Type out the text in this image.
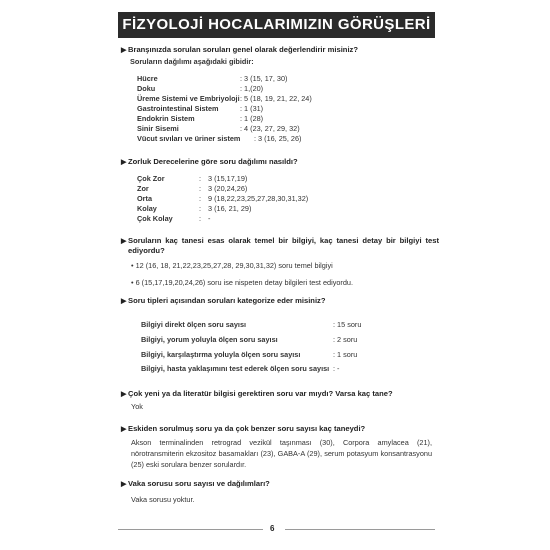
FİZYOLOJİ HOCALARIMIZIN GÖRÜŞLERİ
▶ Branşınızda sorulan soruları genel olarak değerlendirir misiniz?
Soruların dağılımı aşağıdaki gibidir:
Hücre	: 3 (15, 17, 30)
Doku	: 1,(20)
Üreme Sistemi ve Embriyoloji : 5 (18, 19, 21, 22, 24)
Gastrointestinal Sistem	: 1 (31)
Endokrin Sistem	: 1 (28)
Sinir Sisemi	: 4 (23, 27, 29, 32)
Vücut sıvıları ve üriner sistem : 3 (16, 25, 26)
▶ Zorluk Derecelerine göre soru dağılımı nasıldı?
Çok Zor	: 3 (15,17,19)
Zor	: 3 (20,24,26)
Orta	: 9 (18,22,23,25,27,28,30,31,32)
Kolay	: 3 (16, 21, 29)
Çok Kolay	: -
▶ Soruların kaç tanesi esas olarak temel bir bilgiyi, kaç tanesi detay bir bilgiyi test
ediyordu?
• 12 (16, 18, 21,22,23,25,27,28, 29,30,31,32) soru temel bilgiyi
• 6 (15,17,19,20,24,26) soru ise nispeten detay bilgileri test ediyordu.
▶ Soru tipleri açısından soruları kategorize eder misiniz?
Bilgiyi direkt ölçen soru sayısı	: 15 soru
Bilgiyi, yorum yoluyla ölçen soru sayısı	: 2 soru
Bilgiyi, karşılaştırma yoluyla ölçen soru sayısı	: 1 soru
Bilgiyi, hasta yaklaşımını test ederek ölçen soru sayısı : -
▶ Çok yeni ya da literatür bilgisi gerektiren soru var mıydı? Varsa kaç tane?
Yok
▶ Eskiden sorulmuş soru ya da çok benzer soru sayısı kaç taneydi?
Akson terminalinden retrograd vezikül taşınması (30), Corpora amylacea (21), nörotransmiterin ekzositoz basamakları (23), GABA-A (29), serum potasyum konsantrasyonu (25) eski sorulara benzer sorulardır.
▶ Vaka sorusu soru sayısı ve dağılımları?
Vaka sorusu yoktur.
6
